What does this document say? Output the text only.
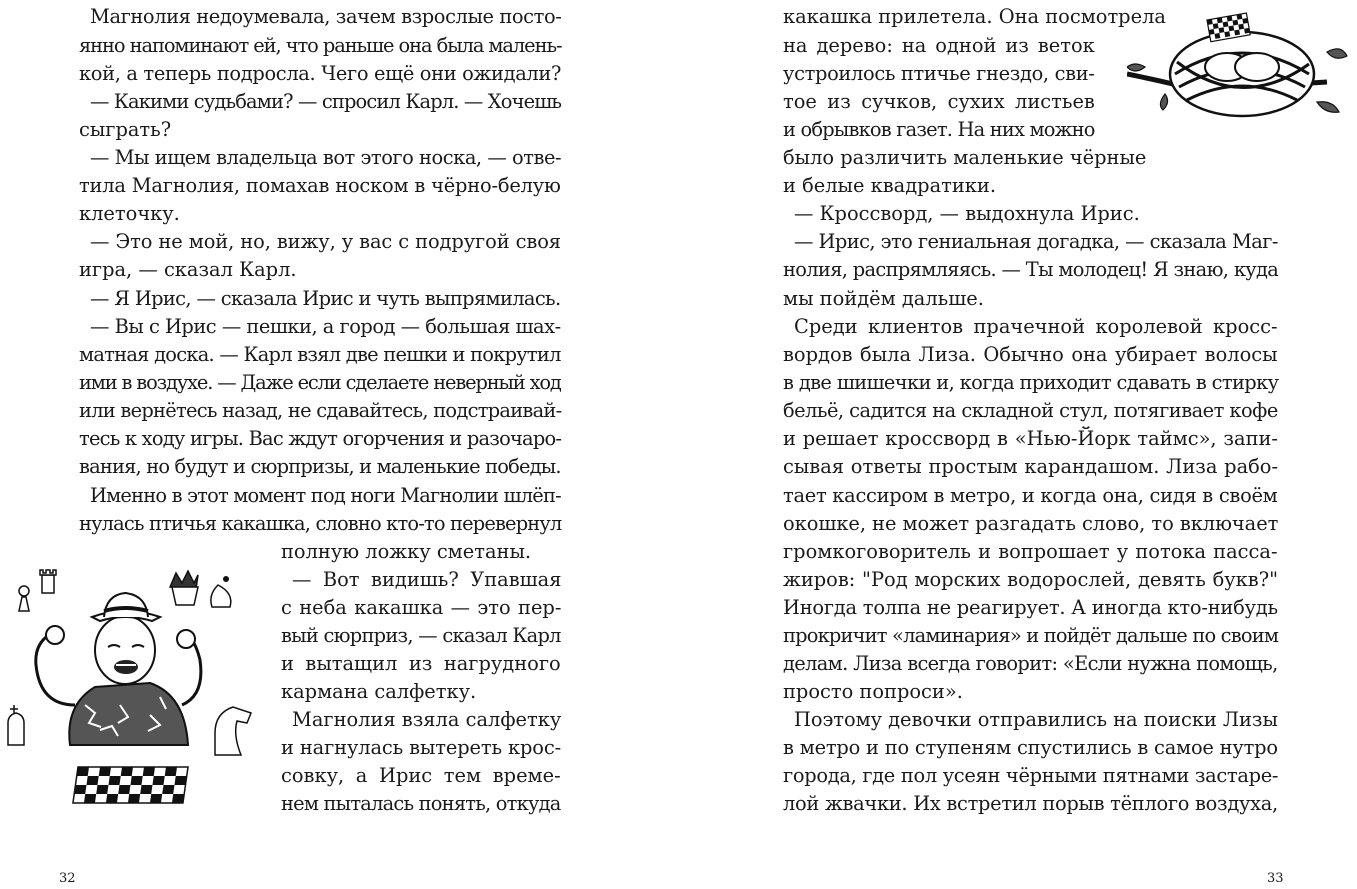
Магнолия недоумевала, зачем взрослые посто-
янно напоминают ей, что раньше она была малень-
кой, а теперь подросла. Чего ещё они ожидали?
— Какими судьбами? — спросил Карл. — Хочешь
сыграть?
— Мы ищем владельца вот этого носка, — отве-
тила Магнолия, помахав носком в чёрно-белую
клеточку.
— Это не мой, но, вижу, у вас с подругой своя
игра, — сказал Карл.
— Я Ирис, — сказала Ирис и чуть выпрямилась.
— Вы с Ирис — пешки, а город — большая шах-
матная доска. — Карл взял две пешки и покрутил
ими в воздухе. — Даже если сделаете неверный ход
или вернётесь назад, не сдавайтесь, подстраивай-
тесь к ходу игры. Вас ждут огорчения и разочаро-
вания, но будут и сюрпризы, и маленькие победы.
Именно в этот момент под ноги Магнолии шлёп-
нулась птичья какашка, словно кто-то перевернул
полную ложку сметаны.
— Вот видишь? Упавшая
с неба какашка — это пер-
вый сюрприз, — сказал Карл
и вытащил из нагрудного
кармана салфетку.
Магнолия взяла салфетку
и нагнулась вытереть крос-
совку, а Ирис тем време-
нем пыталась понять, откуда
32
какашка прилетела. Она посмотрела
на дерево: на одной из веток
устроилось птичье гнездо, сви-
тое из сучков, сухих листьев
и обрывков газет. На них можно
было различить маленькие чёрные
и белые квадратики.
— Кроссворд, — выдохнула Ирис.
— Ирис, это гениальная догадка, — сказала Маг-
нолия, распрямляясь. — Ты молодец! Я знаю, куда
мы пойдём дальше.
Среди клиентов прачечной королевой кросс-
вордов была Лиза. Обычно она убирает волосы
в две шишечки и, когда приходит сдавать в стирку
бельё, садится на складной стул, потягивает кофе
и решает кроссворд в «Нью-Йорк таймс», запи-
сывая ответы простым карандашом. Лиза рабо-
тает кассиром в метро, и когда она, сидя в своём
окошке, не может разгадать слово, то включает
громкоговоритель и вопрошает у потока пасса-
жиров: "Род морских водорослей, девять букв?"
Иногда толпа не реагирует. А иногда кто-нибудь
прокричит «ламинария» и пойдёт дальше по своим
делам. Лиза всегда говорит: «Если нужна помощь,
просто попроси».
Поэтому девочки отправились на поиски Лизы
в метро и по ступеням спустились в самое нутро
города, где пол усеян чёрными пятнами застаре-
лой жвачки. Их встретил порыв тёплого воздуха,
33
